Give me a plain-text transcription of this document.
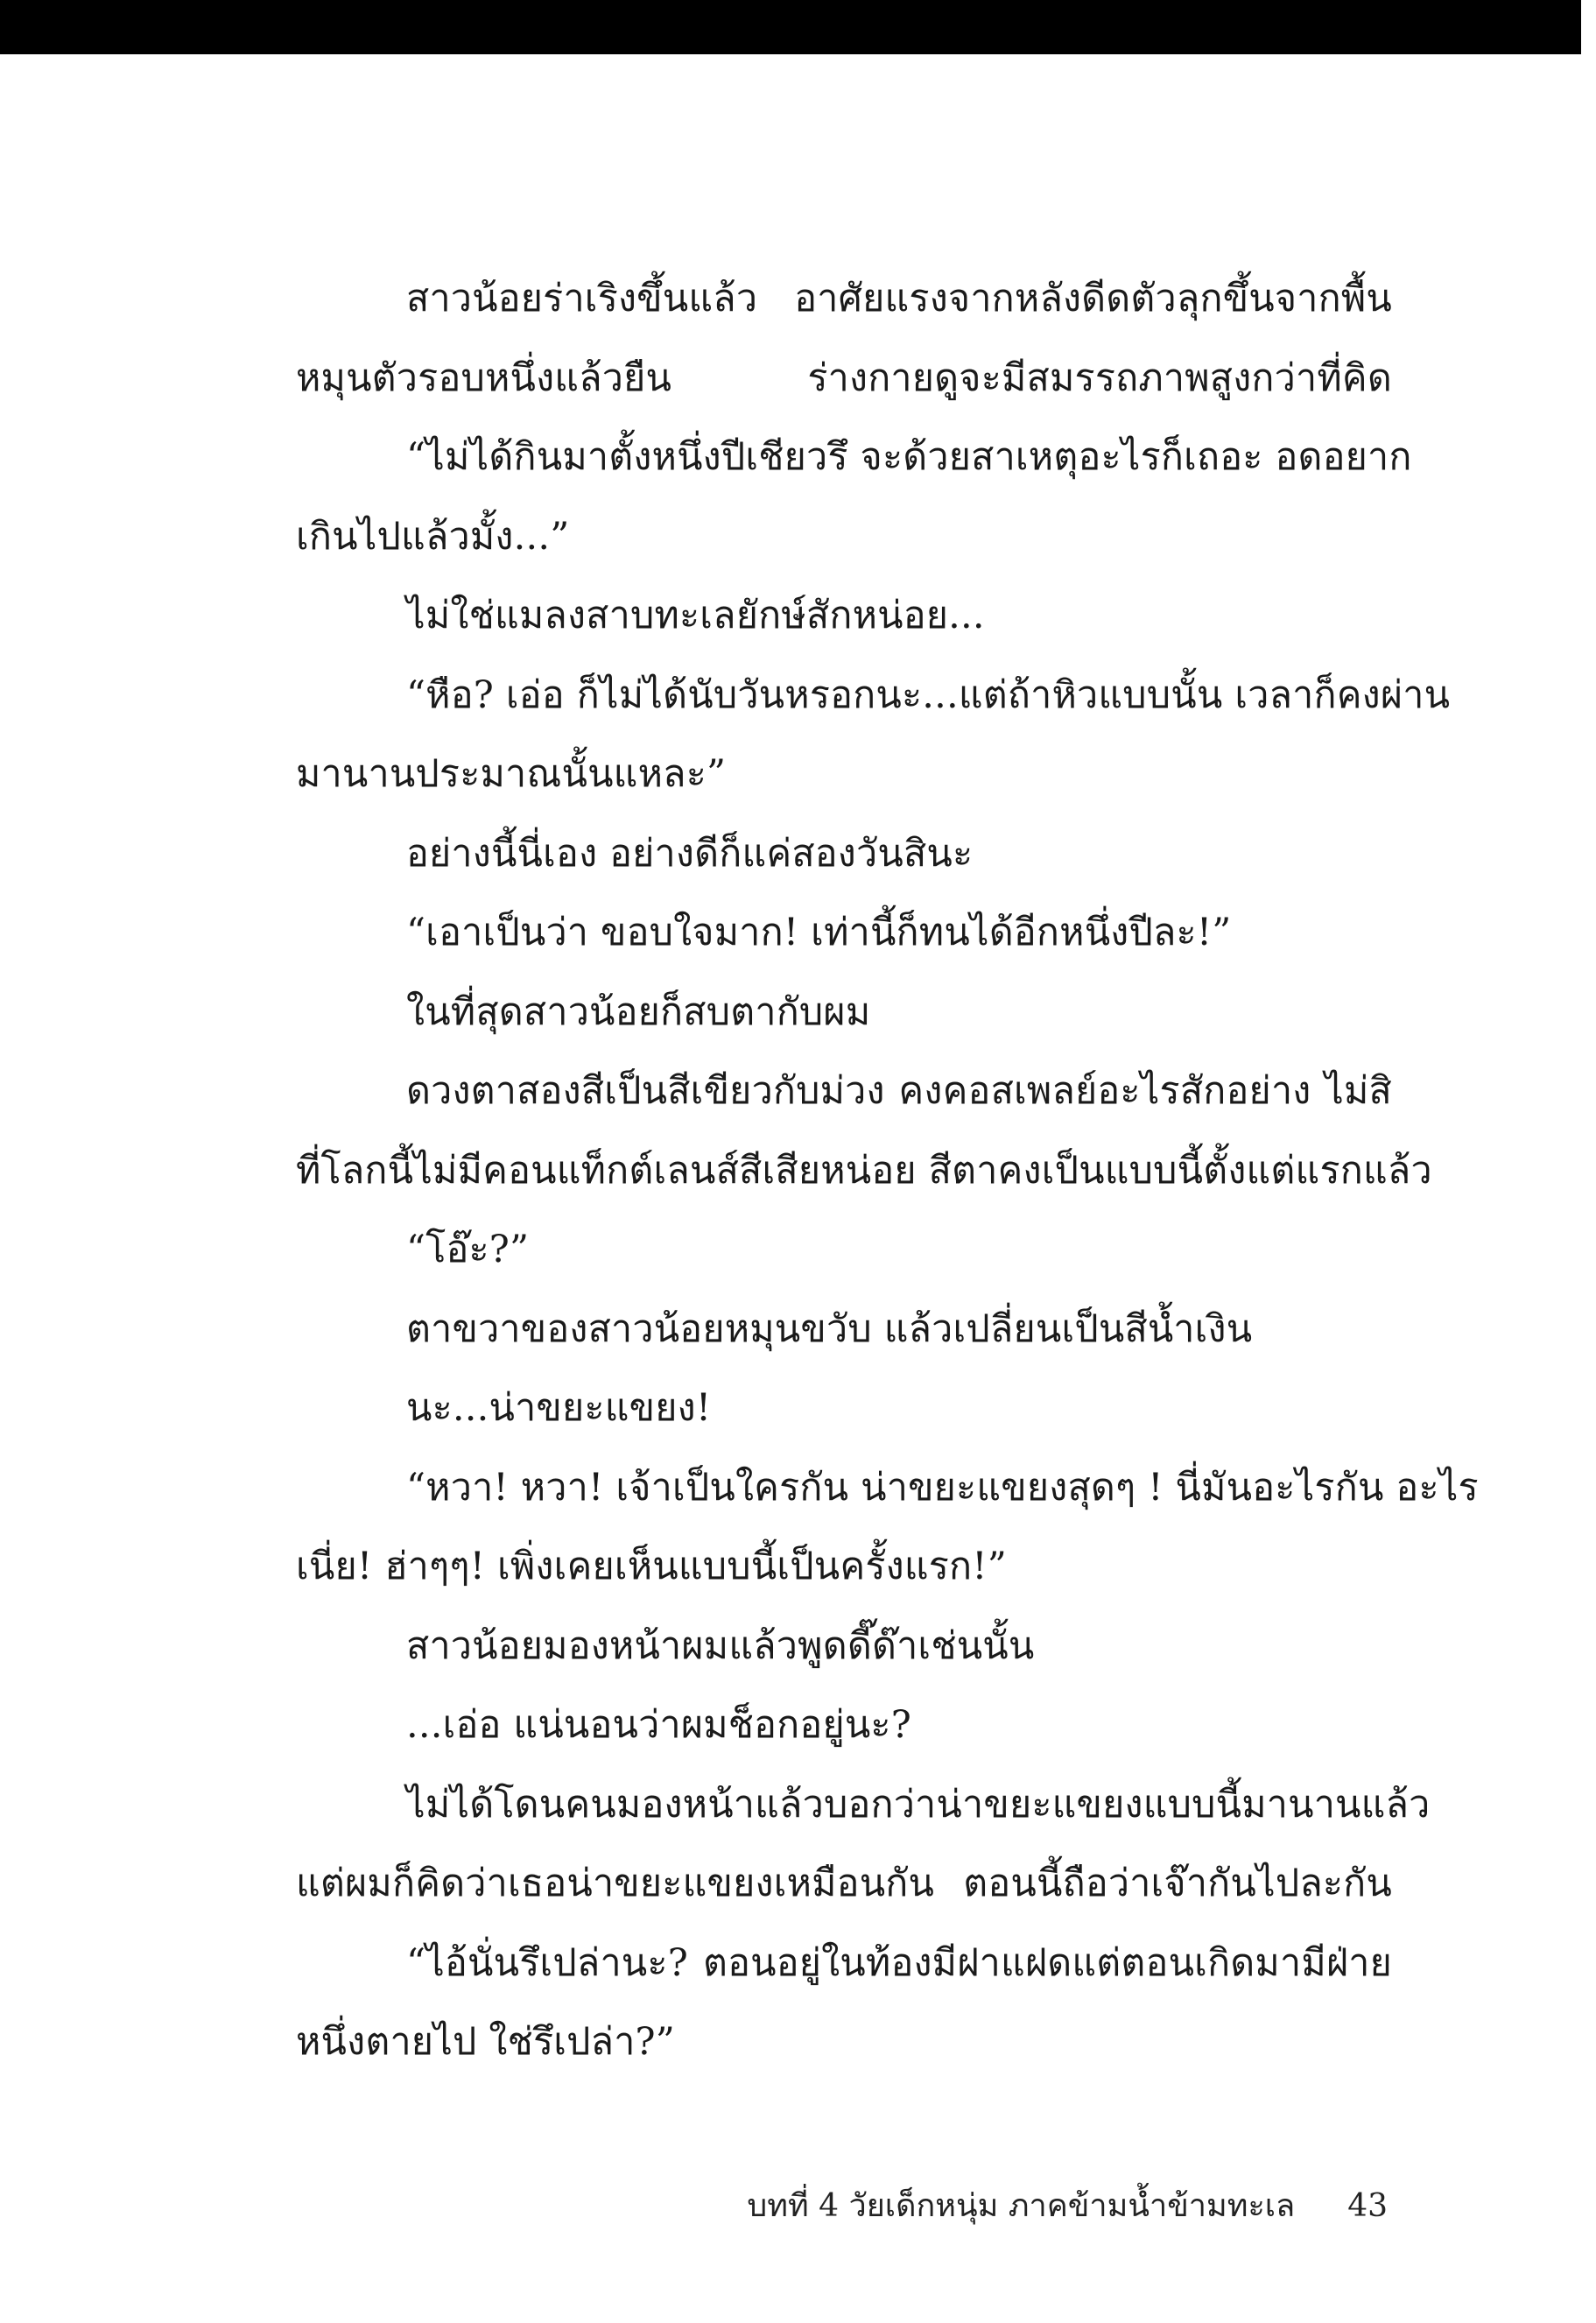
สาวน้อยร่าเริงขึ้นแล้ว อาศัยแรงจากหลังดีดตัวลุกขึ้นจากพื้น
หมุนตัวรอบหนึ่งแล้วยืน ร่างกายดูจะมีสมรรถภาพสูงกว่าที่คิด
“ไม่ได้กินมาตั้งหนึ่งปีเชียวรึ จะด้วยสาเหตุอะไรก็เถอะ อดอยาก
เกินไปแล้วมั้ง...”
ไม่ใช่แมลงสาบทะเลยักษ์สักหน่อย...
“หือ? เอ่อ ก็ไม่ได้นับวันหรอกนะ...แต่ถ้าหิวแบบนั้น เวลาก็คงผ่าน
มานานประมาณนั้นแหละ”
อย่างนี้นี่เอง อย่างดีก็แค่สองวันสินะ
“เอาเป็นว่า ขอบใจมาก! เท่านี้ก็ทนได้อีกหนึ่งปีละ!”
ในที่สุดสาวน้อยก็สบตากับผม
ดวงตาสองสีเป็นสีเขียวกับม่วง คงคอสเพลย์อะไรสักอย่าง ไม่สิ
ที่โลกนี้ไม่มีคอนแท็กต์เลนส์สีเสียหน่อย สีตาคงเป็นแบบนี้ตั้งแต่แรกแล้ว
“โอ๊ะ?”
ตาขวาของสาวน้อยหมุนขวับ แล้วเปลี่ยนเป็นสีน้ำเงิน
นะ...น่าขยะแขยง!
“หวา! หวา! เจ้าเป็นใครกัน น่าขยะแขยงสุดๆ ! นี่มันอะไรกัน อะไร
เนี่ย! ฮ่าๆๆ! เพิ่งเคยเห็นแบบนี้เป็นครั้งแรก!”
สาวน้อยมองหน้าผมแล้วพูดดี๊ด๊าเช่นนั้น
...เอ่อ แน่นอนว่าผมช็อกอยู่นะ?
ไม่ได้โดนคนมองหน้าแล้วบอกว่าน่าขยะแขยงแบบนี้มานานแล้ว
แต่ผมก็คิดว่าเธอน่าขยะแขยงเหมือนกัน ตอนนี้ถือว่าเจ๊ากันไปละกัน
“ไอ้นั่นรึเปล่านะ? ตอนอยู่ในท้องมีฝาแฝดแต่ตอนเกิดมามีฝ่าย
หนึ่งตายไป ใช่รึเปล่า?”
บทที่ 4 วัยเด็กหนุ่ม ภาคข้ามน้ำข้ามทะเล 43
